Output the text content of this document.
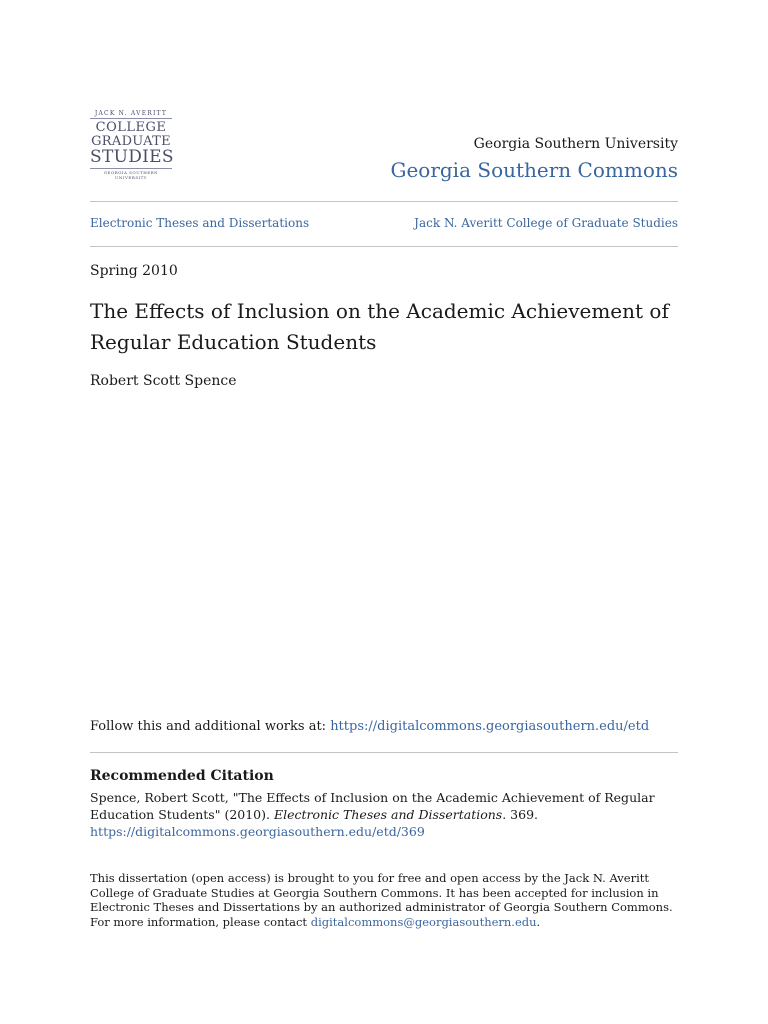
JACK N. AVERITT
COLLEGE
GRADUATE
STUDIES
GEORGIA SOUTHERN UNIVERSITY
Georgia Southern University
Georgia Southern Commons
Electronic Theses and Dissertations	Jack N. Averitt College of Graduate Studies
Spring 2010
The Effects of Inclusion on the Academic Achievement of Regular Education Students
Robert Scott Spence
Follow this and additional works at: https://digitalcommons.georgiasouthern.edu/etd
Recommended Citation
Spence, Robert Scott, "The Effects of Inclusion on the Academic Achievement of Regular Education Students" (2010). Electronic Theses and Dissertations. 369.
https://digitalcommons.georgiasouthern.edu/etd/369
This dissertation (open access) is brought to you for free and open access by the Jack N. Averitt College of Graduate Studies at Georgia Southern Commons. It has been accepted for inclusion in Electronic Theses and Dissertations by an authorized administrator of Georgia Southern Commons. For more information, please contact digitalcommons@georgiasouthern.edu.
